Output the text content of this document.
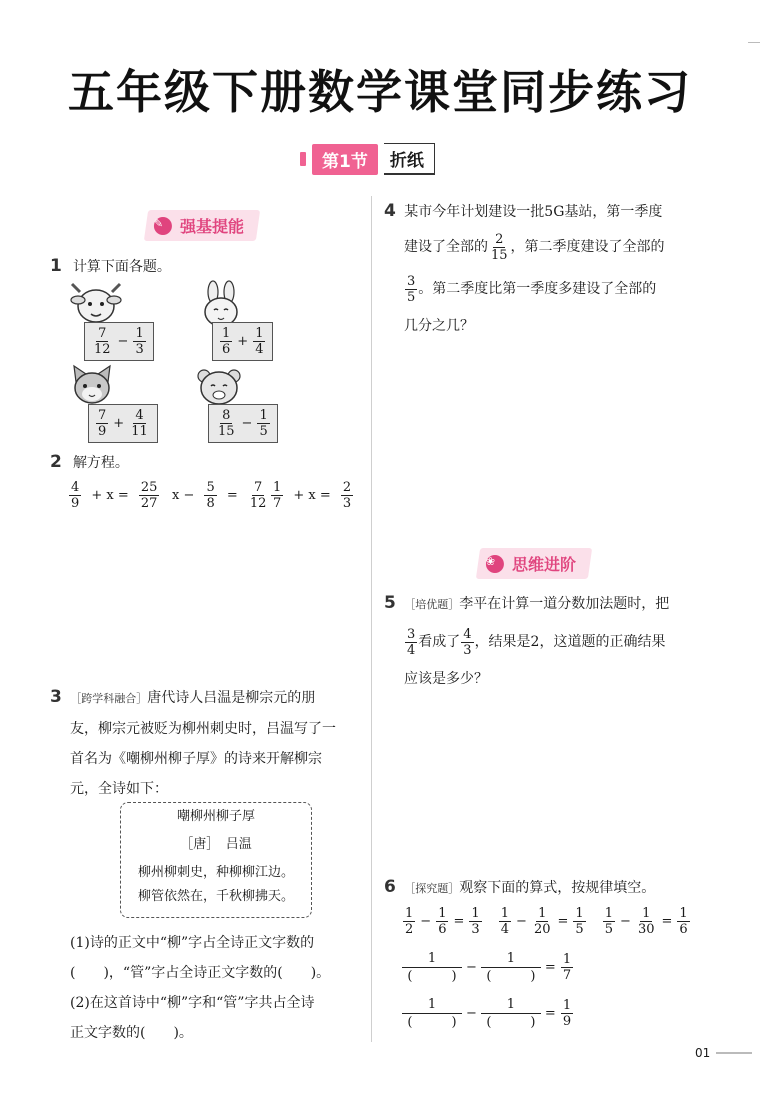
五年级下册数学课堂同步练习
第1节	折纸
✎	强基提能
1 计算下面各题。
$\frac{7}{12} - \frac{1}{3}$	$\frac{1}{6} + \frac{1}{4}$
$\frac{7}{9} + \frac{4}{11}$	$\frac{8}{15} - \frac{1}{5}$
2 解方程。
$\frac{4}{9} + x = \frac{25}{27}$ $x - \frac{5}{8} = \frac{7}{12} \frac{1}{7} + x = \frac{2}{3}$
3 ［跨学科融合］唐代诗人吕温是柳宗元的朋
友，柳宗元被贬为柳州刺史时，吕温写了一
首名为《嘲柳州柳子厚》的诗来开解柳宗
元，全诗如下：
嘲柳州柳子厚
［唐］　吕温
柳州柳刺史，种柳柳江边。
柳管依然在，千秋柳拂天。
(1)诗的正文中“柳”字占全诗正文字数的
(　　)，“管”字占全诗正文字数的(　　)。
(2)在这首诗中“柳”字和“管”字共占全诗
正文字数的(　　)。
4 某市今年计划建设一批5G基站，第一季度
建设了全部的 $\frac{2}{15}$ ，第二季度建设了全部的
$\frac{3}{5}$ 。第二季度比第一季度多建设了全部的
几分之几？
❀	思维进阶
5 ［培优题］李平在计算一道分数加法题时，把
$\frac{3}{4}$ 看成了 $\frac{4}{3}$ ，结果是2，这道题的正确结果
应该是多少？
6 ［探究题］观察下面的算式，按规律填空。
$\frac{1}{2} - \frac{1}{6} = \frac{1}{3}$
$\frac{1}{4} - \frac{1}{20} = \frac{1}{5}$
$\frac{1}{5} - \frac{1}{30} = \frac{1}{6}$
$\frac{1}{( )} - \frac{1}{( )} = \frac{1}{7}$
$\frac{1}{( )} - \frac{1}{( )} = \frac{1}{9}$
01
